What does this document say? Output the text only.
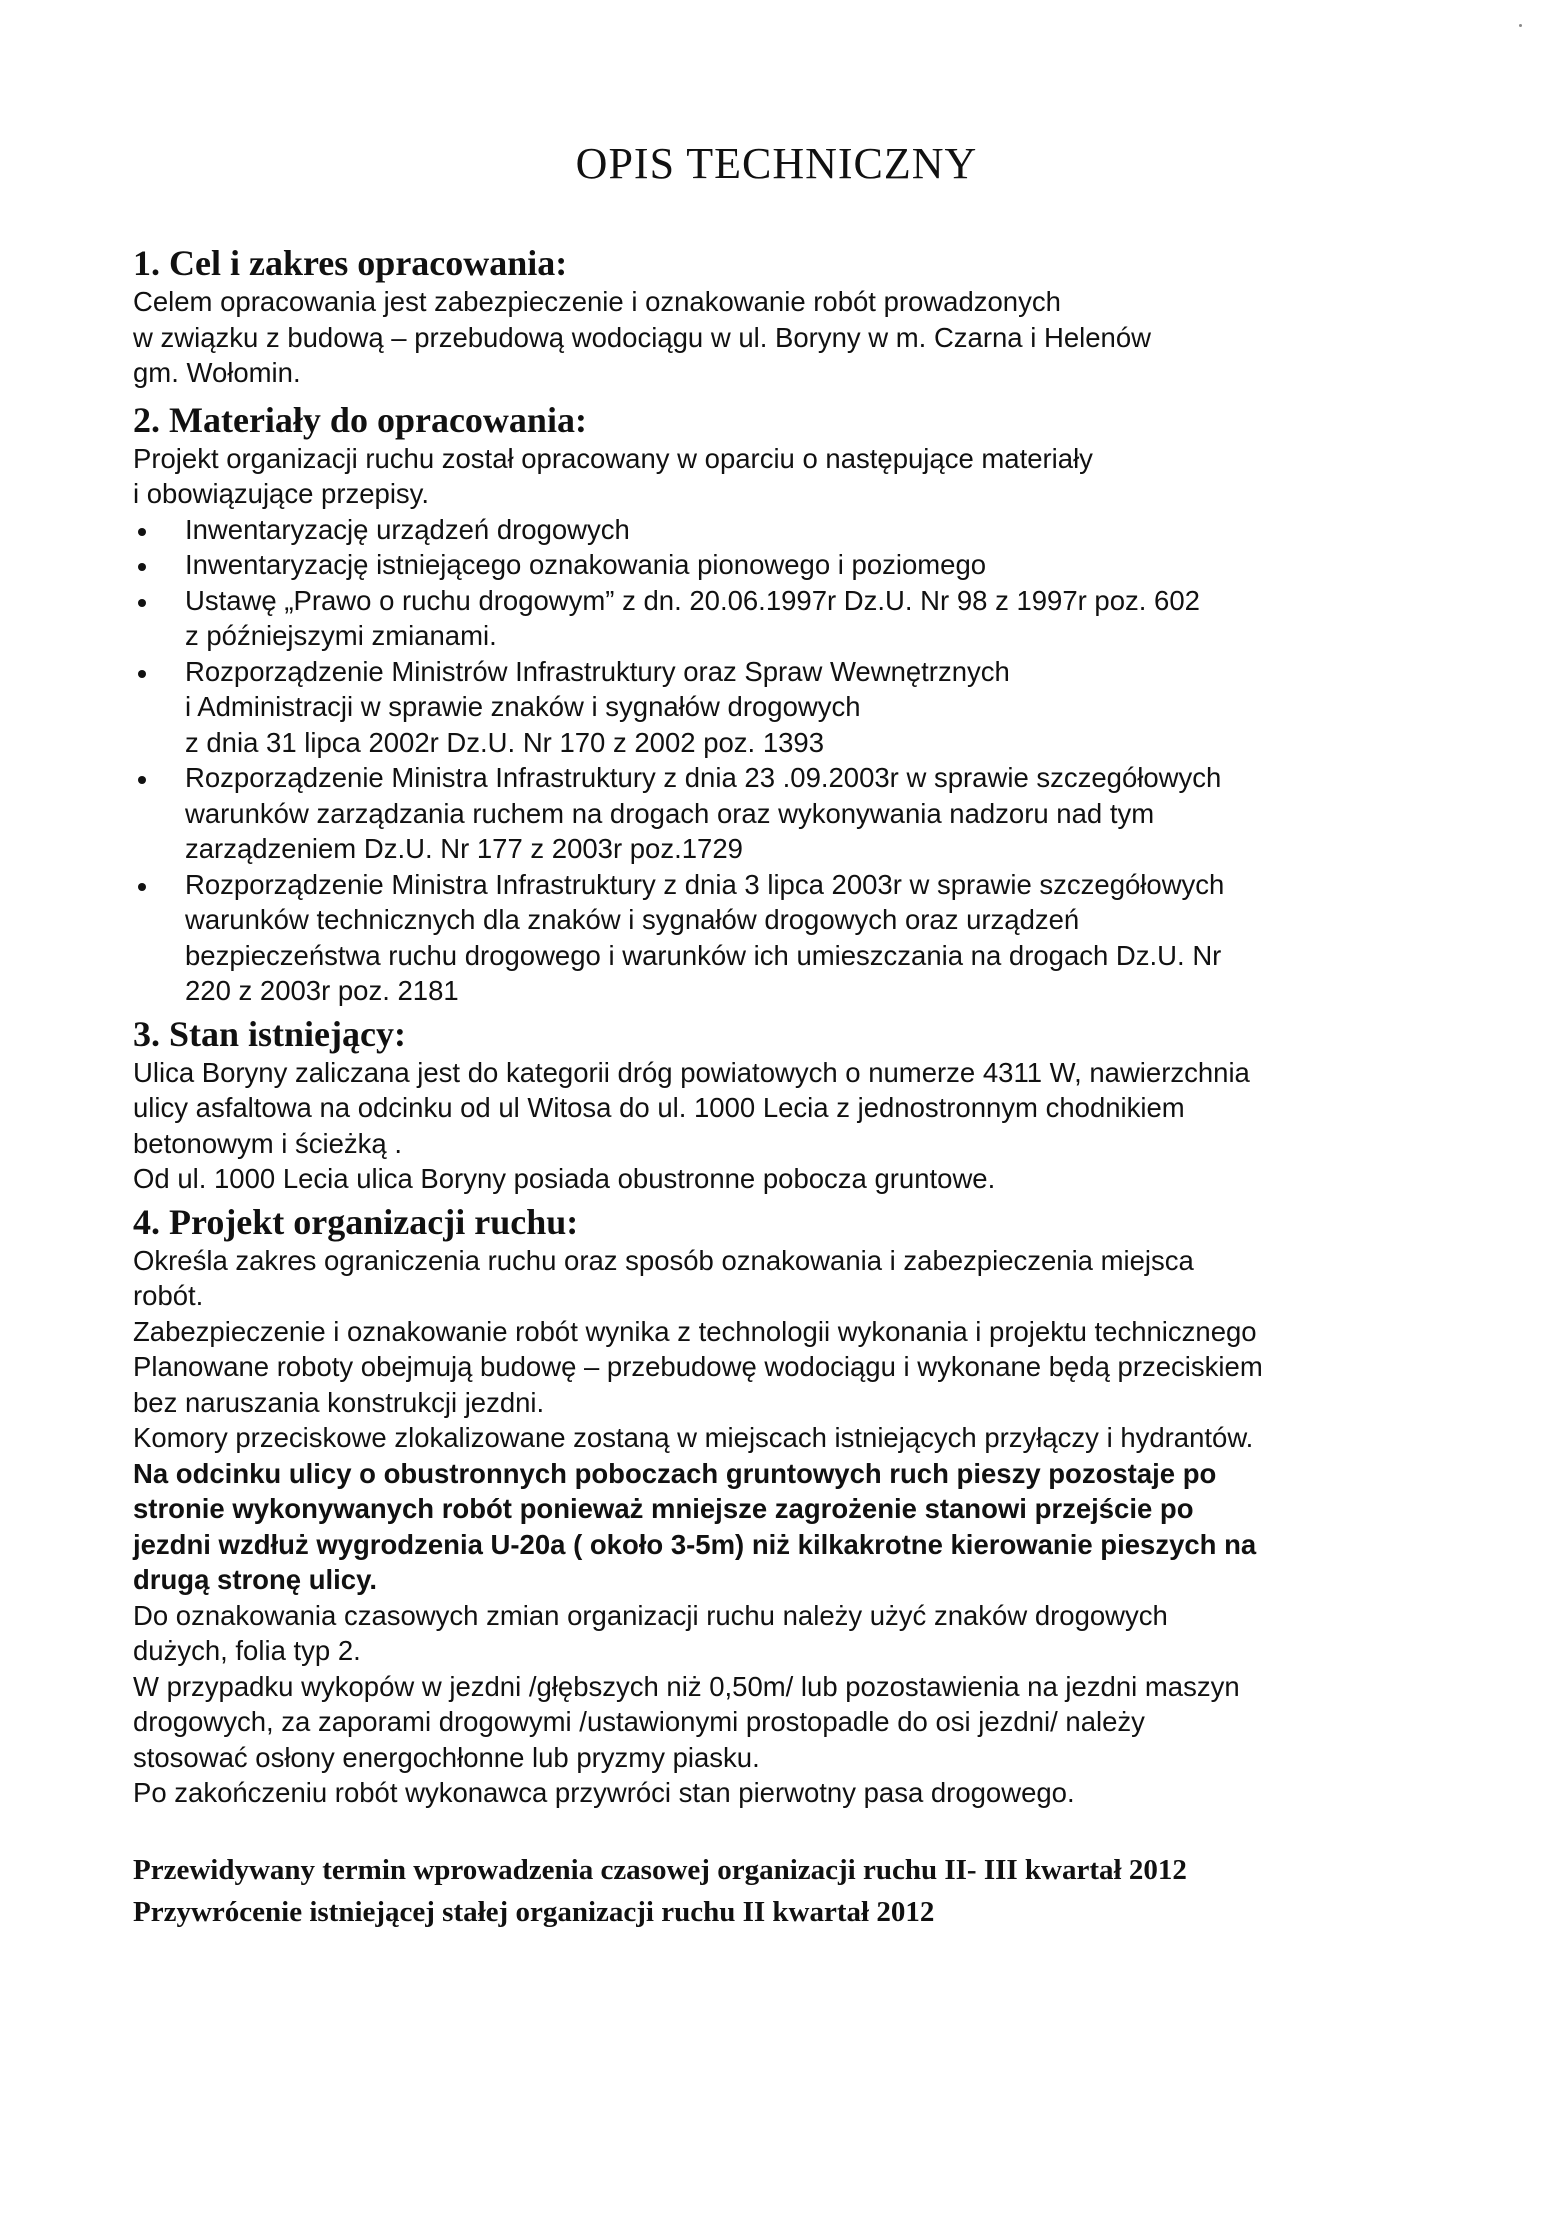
OPIS TECHNICZNY

1. Cel i zakres opracowania:

Celem opracowania jest zabezpieczenie i oznakowanie robót prowadzonych
w związku z budową – przebudową wodociągu w ul. Boryny w m. Czarna i Helenów
gm. Wołomin.

2. Materiały do opracowania:

Projekt organizacji ruchu został opracowany w oparciu o następujące materiały
i obowiązujące przepisy.

Inwentaryzację urządzeń drogowych
Inwentaryzację istniejącego oznakowania pionowego i poziomego
Ustawę „Prawo o ruchu drogowym” z dn. 20.06.1997r Dz.U. Nr 98 z 1997r poz. 602
z późniejszymi zmianami.
Rozporządzenie Ministrów Infrastruktury oraz Spraw Wewnętrznych
i Administracji w sprawie znaków i sygnałów drogowych
z dnia 31 lipca 2002r Dz.U. Nr 170 z 2002 poz. 1393
Rozporządzenie Ministra Infrastruktury z dnia 23 .09.2003r w sprawie szczegółowych
warunków zarządzania ruchem na drogach oraz wykonywania nadzoru nad tym
zarządzeniem Dz.U. Nr 177 z 2003r poz.1729
Rozporządzenie Ministra Infrastruktury z dnia 3 lipca 2003r w sprawie szczegółowych
warunków technicznych dla znaków i sygnałów drogowych oraz urządzeń
bezpieczeństwa ruchu drogowego i warunków ich umieszczania na drogach Dz.U. Nr
220 z 2003r poz. 2181

3. Stan istniejący:

Ulica Boryny zaliczana jest do kategorii dróg powiatowych o numerze 4311 W, nawierzchnia
ulicy asfaltowa na odcinku od ul Witosa do ul. 1000 Lecia z jednostronnym chodnikiem
betonowym i ścieżką .

Od ul. 1000 Lecia ulica Boryny posiada obustronne pobocza gruntowe.

4. Projekt organizacji ruchu:

Określa zakres ograniczenia ruchu oraz sposób oznakowania i zabezpieczenia miejsca
robót.

Zabezpieczenie i oznakowanie robót wynika z technologii wykonania i projektu technicznego

Planowane roboty obejmują budowę – przebudowę wodociągu i wykonane będą przeciskiem
bez naruszania konstrukcji jezdni.

Komory przeciskowe zlokalizowane zostaną w miejscach istniejących przyłączy i hydrantów.

Na odcinku ulicy o obustronnych poboczach gruntowych ruch pieszy pozostaje po
stronie wykonywanych robót ponieważ mniejsze zagrożenie stanowi przejście po
jezdni wzdłuż wygrodzenia U-20a ( około 3-5m) niż kilkakrotne kierowanie pieszych na
drugą stronę ulicy.

Do oznakowania czasowych zmian organizacji ruchu należy użyć znaków drogowych
dużych, folia typ 2.

W przypadku wykopów w jezdni /głębszych niż 0,50m/ lub pozostawienia na jezdni maszyn
drogowych, za zaporami drogowymi /ustawionymi prostopadle do osi jezdni/ należy
stosować osłony energochłonne lub pryzmy piasku.

Po zakończeniu robót wykonawca przywróci stan pierwotny pasa drogowego.

Przewidywany termin wprowadzenia czasowej organizacji ruchu II- III kwartał 2012

Przywrócenie istniejącej stałej organizacji ruchu II kwartał 2012
